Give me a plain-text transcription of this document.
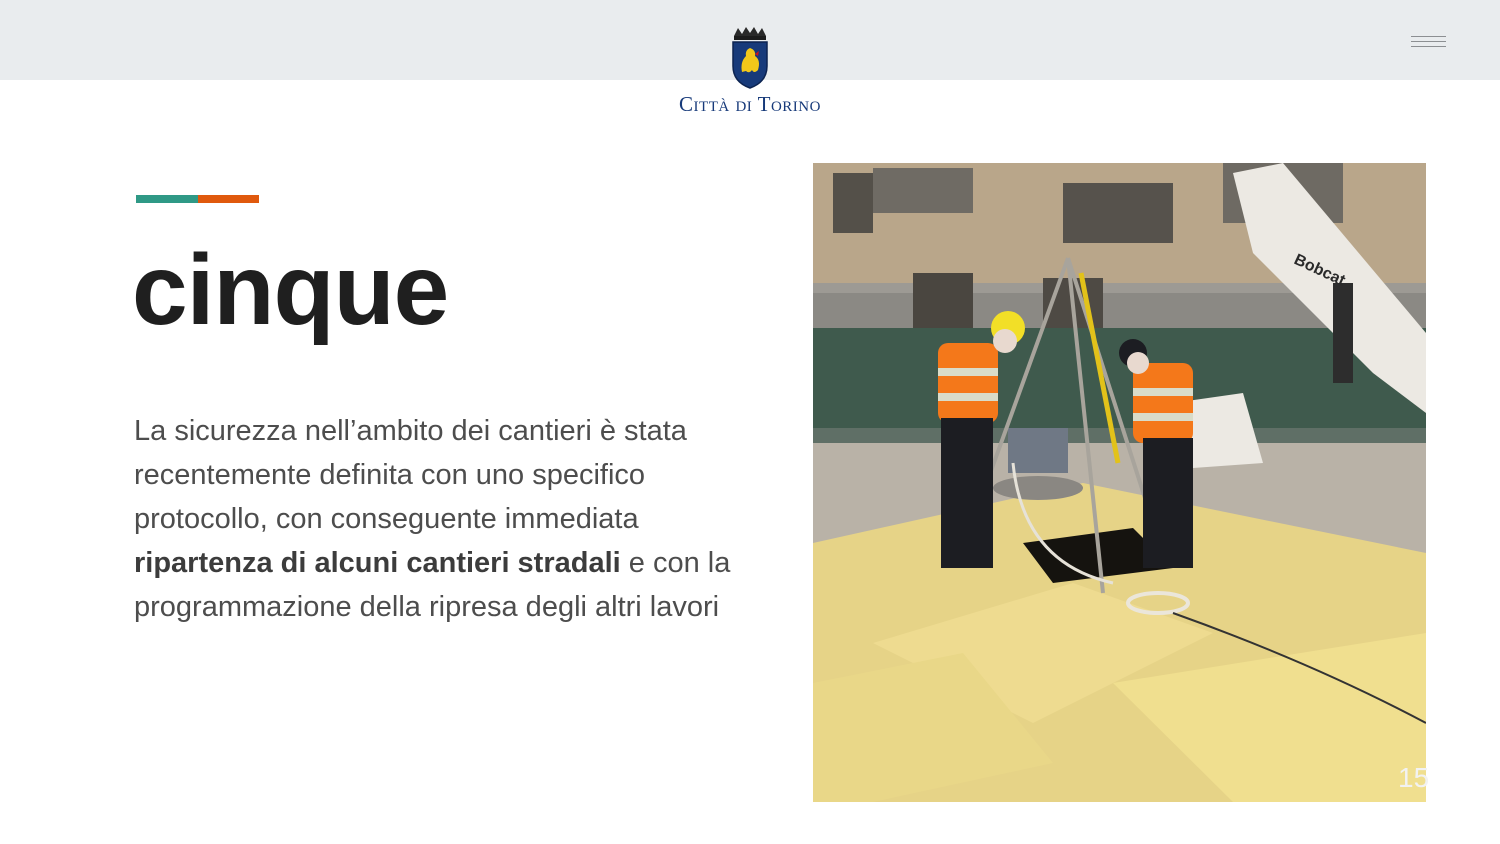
Città di Torino
cinque

La sicurezza nell’ambito dei cantieri è stata recentemente definita con uno specifico protocollo, con conseguente immediata ripartenza di alcuni cantieri stradali e con la programmazione della ripresa degli altri lavori

Bobcat
15
